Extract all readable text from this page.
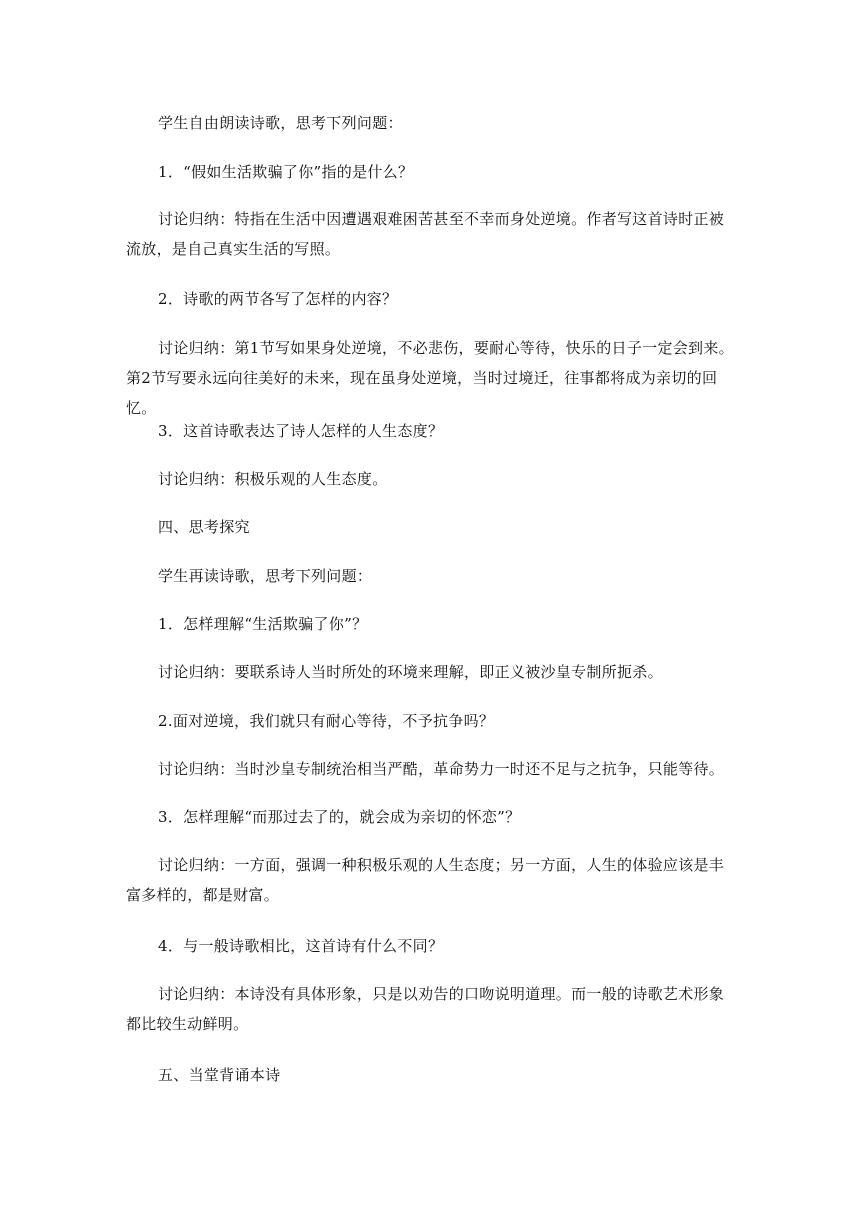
学生自由朗读诗歌，思考下列问题：
1．“假如生活欺骗了你”指的是什么？
讨论归纳：特指在生活中因遭遇艰难困苦甚至不幸而身处逆境。作者写这首诗时正被流放，是自己真实生活的写照。
2．诗歌的两节各写了怎样的内容？
讨论归纳：第1节写如果身处逆境，不必悲伤，要耐心等待，快乐的日子一定会到来。第2节写要永远向往美好的未来，现在虽身处逆境，当时过境迁，往事都将成为亲切的回忆。
3．这首诗歌表达了诗人怎样的人生态度？
讨论归纳：积极乐观的人生态度。
四、思考探究
学生再读诗歌，思考下列问题：
1．怎样理解“生活欺骗了你”？
讨论归纳：要联系诗人当时所处的环境来理解，即正义被沙皇专制所扼杀。
2.面对逆境，我们就只有耐心等待，不予抗争吗？
讨论归纳：当时沙皇专制统治相当严酷，革命势力一时还不足与之抗争，只能等待。
3．怎样理解“而那过去了的，就会成为亲切的怀恋”？
讨论归纳：一方面，强调一种积极乐观的人生态度；另一方面，人生的体验应该是丰富多样的，都是财富。
4．与一般诗歌相比，这首诗有什么不同？
讨论归纳：本诗没有具体形象，只是以劝告的口吻说明道理。而一般的诗歌艺术形象都比较生动鲜明。
五、当堂背诵本诗
